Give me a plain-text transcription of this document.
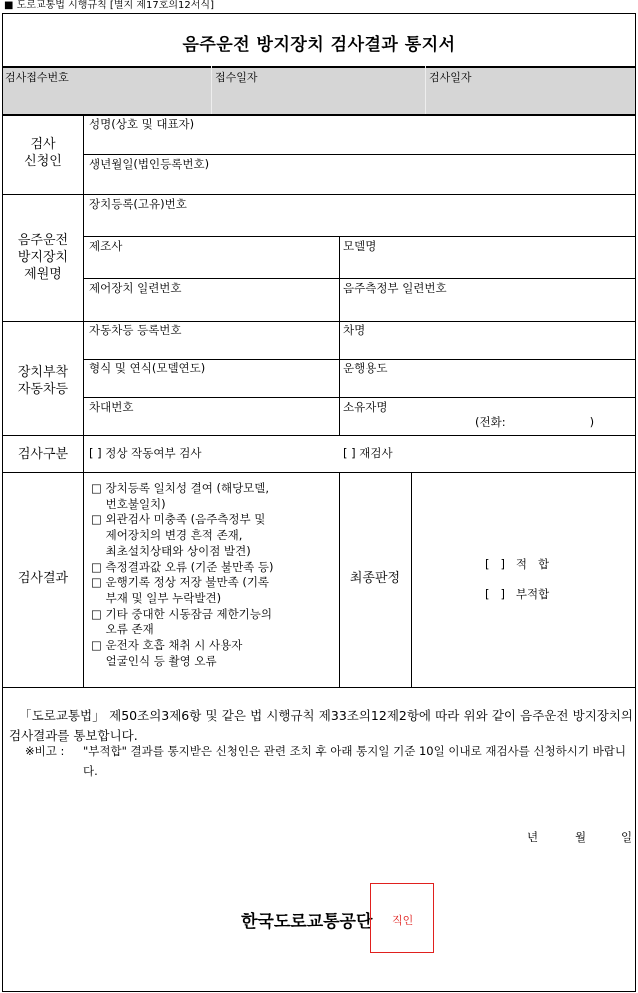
■ 도로교통법 시행규칙 [별지 제17호의12서식]
음주운전 방지장치 검사결과 통지서
검사접수번호	접수일자	검사일자
검사
신청인
성명(상호 및 대표자)
생년월일(법인등록번호)
음주운전
방지장치
제원명
장치등록(고유)번호
제조사	모델명
제어장치 일련번호	음주측정부 일련번호
장치부착
자동차등
자동차등 등록번호	차명
형식 및 연식(모델연도)	운행용도
차대번호	소유자명
(전화:                       )
검사구분	[ ] 정상 작동여부 검사	[ ] 재검사
검사결과
□ 장치등록 일치성 결여 (해당모델,
번호불일치)
□ 외관검사 미충족 (음주측정부 및
제어장치의 변경 흔적 존재,
최초설치상태와 상이점 발견)
□ 측정결과값 오류 (기준 불만족 등)
□ 운행기록 정상 저장 불만족 (기록
부재 및 일부 누락발견)
□ 기타 중대한 시동잠금 제한기능의
오류 존재
□ 운전자 호흡 채취 시 사용자
얼굴인식 등 촬영 오류
최종판정
[   ]   적   합
[   ]   부적합
「도로교통법」 제50조의3제6항 및 같은 법 시행규칙 제33조의12제2항에 따라 위와 같이 음주운전 방지장치의 검사결과를 통보합니다.
※비고 : "부적합" 결과를 통지받은 신청인은 관련 조치 후 아래 통지일 기준 10일 이내로 재검사를 신청하시기 바랍니다.
년	월	일
한국도로교통공단 직인
